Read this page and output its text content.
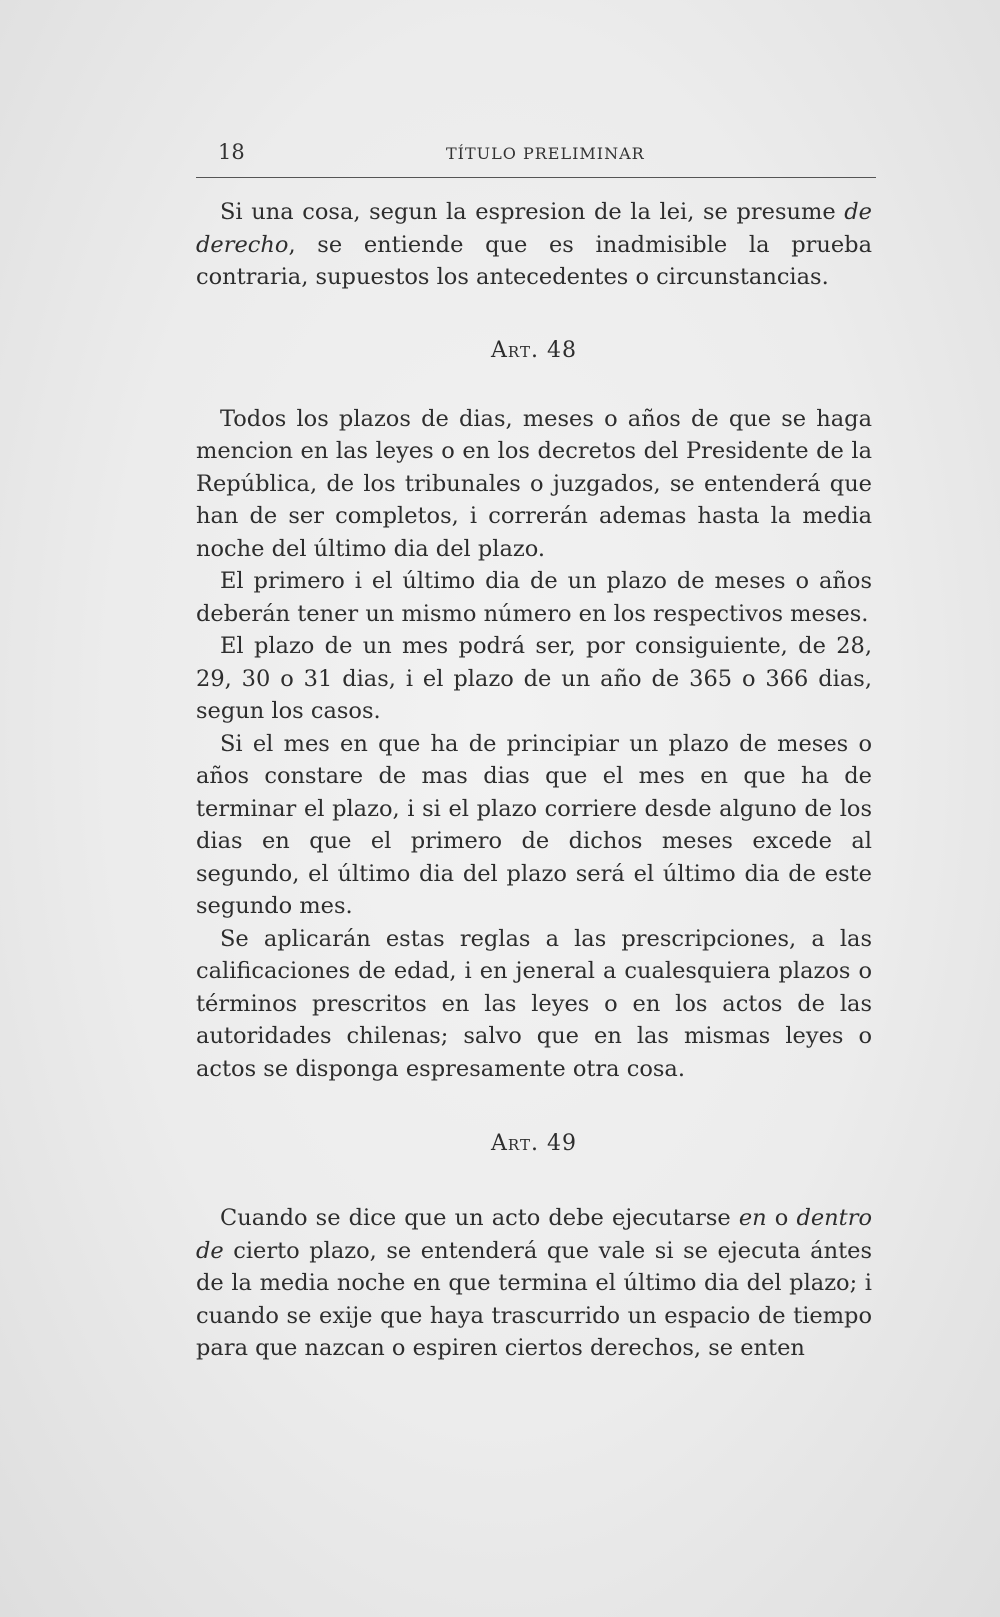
18	TÍTULO PRELIMINAR

Si una cosa, segun la espresion de la lei, se presume de derecho, se entiende que es inadmisible la prueba contraria, supuestos los antecedentes o circunstancias.

Art. 48

Todos los plazos de dias, meses o años de que se haga mencion en las leyes o en los decretos del Presidente de la República, de los tribunales o juzgados, se entenderá que han de ser completos, i correrán ademas hasta la media noche del último dia del plazo.

El primero i el último dia de un plazo de meses o años deberán tener un mismo número en los respectivos meses.

El plazo de un mes podrá ser, por consiguiente, de 28, 29, 30 o 31 dias, i el plazo de un año de 365 o 366 dias, segun los casos.

Si el mes en que ha de principiar un plazo de meses o años constare de mas dias que el mes en que ha de terminar el plazo, i si el plazo corriere desde alguno de los dias en que el primero de dichos meses excede al segundo, el último dia del plazo será el último dia de este segundo mes.

Se aplicarán estas reglas a las prescripciones, a las calificaciones de edad, i en jeneral a cualesquiera plazos o términos prescritos en las leyes o en los actos de las autoridades chilenas; salvo que en las mismas leyes o actos se disponga espresamente otra cosa.

Art. 49

Cuando se dice que un acto debe ejecutarse en o dentro de cierto plazo, se entenderá que vale si se ejecuta ántes de la media noche en que termina el último dia del plazo; i cuando se exije que haya trascurrido un espacio de tiempo para que nazcan o espiren ciertos derechos, se enten
